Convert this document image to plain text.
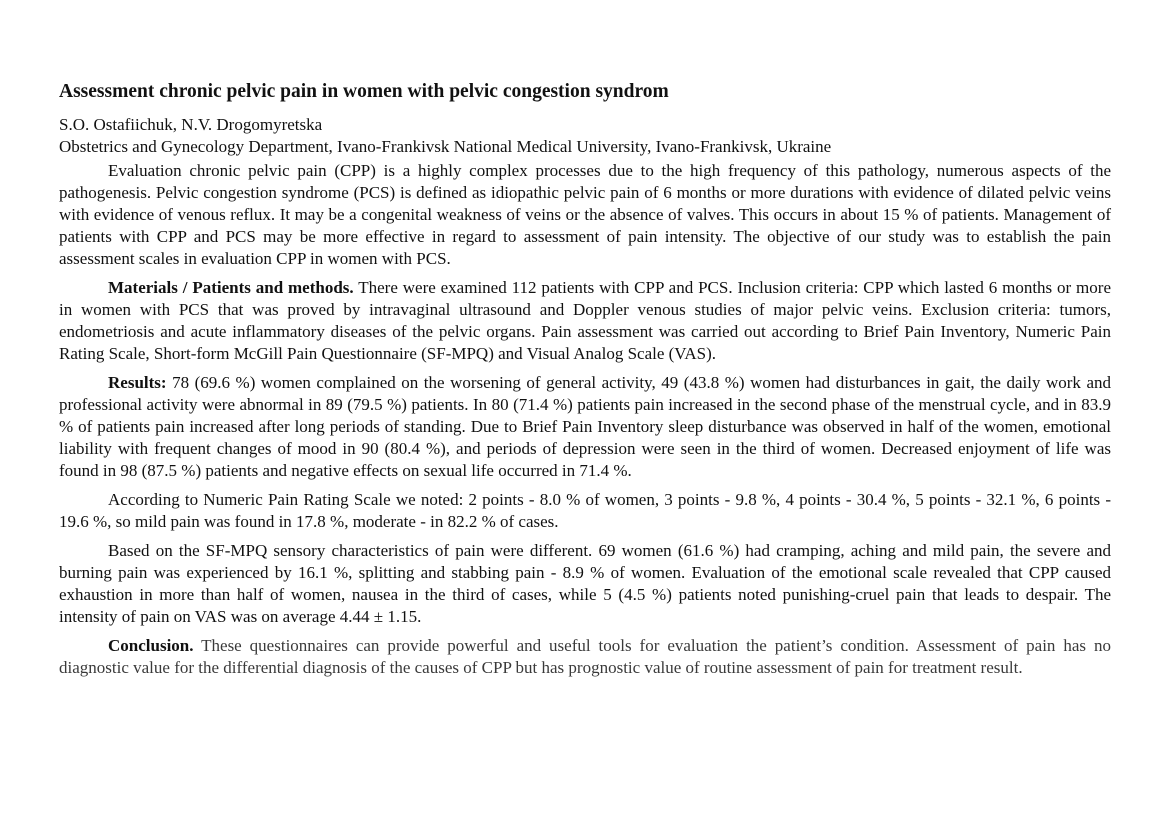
Assessment chronic pelvic pain in women with pelvic congestion syndrom

S.O. Ostafiichuk, N.V. Drogomyretska

Obstetrics and Gynecology Department, Ivano-Frankivsk National Medical University, Ivano-Frankivsk, Ukraine

Evaluation chronic pelvic pain (CPP) is a highly complex processes due to the high frequency of this pathology, numerous aspects of the pathogenesis. Pelvic congestion syndrome (PCS) is defined as idiopathic pelvic pain of 6 months or more durations with evidence of dilated pelvic veins with evidence of venous reflux. It may be a congenital weakness of veins or the absence of valves. This occurs in about 15 % of patients. Management of patients with CPP and PCS may be more effective in regard to assessment of pain intensity. The objective of our study was to establish the pain assessment scales in evaluation CPP in women with PCS.

Materials / Patients and methods. There were examined 112 patients with CPP and PCS. Inclusion criteria: CPP which lasted 6 months or more in women with PCS that was proved by intravaginal ultrasound and Doppler venous studies of major pelvic veins. Exclusion criteria: tumors, endometriosis and acute inflammatory diseases of the pelvic organs. Pain assessment was carried out according to Brief Pain Inventory, Numeric Pain Rating Scale, Short-form McGill Pain Questionnaire (SF-MPQ) and Visual Analog Scale (VAS).

Results: 78 (69.6 %) women complained on the worsening of general activity, 49 (43.8 %) women had disturbances in gait, the daily work and professional activity were abnormal in 89 (79.5 %) patients. In 80 (71.4 %) patients pain increased in the second phase of the menstrual cycle, and in 83.9 % of patients pain increased after long periods of standing. Due to Brief Pain Inventory sleep disturbance was observed in half of the women, emotional liability with frequent changes of mood in 90 (80.4 %), and periods of depression were seen in the third of women. Decreased enjoyment of life was found in 98 (87.5 %) patients and negative effects on sexual life occurred in 71.4 %.

According to Numeric Pain Rating Scale we noted: 2 points - 8.0 % of women, 3 points - 9.8 %, 4 points - 30.4 %, 5 points - 32.1 %, 6 points - 19.6 %, so mild pain was found in 17.8 %, moderate - in 82.2 % of cases.

Based on the SF-MPQ sensory characteristics of pain were different. 69 women (61.6 %) had cramping, aching and mild pain, the severe and burning pain was experienced by 16.1 %, splitting and stabbing pain - 8.9 % of women. Evaluation of the emotional scale revealed that CPP caused exhaustion in more than half of women, nausea in the third of cases, while 5 (4.5 %) patients noted punishing-cruel pain that leads to despair. The intensity of pain on VAS was on average 4.44 ± 1.15.

Conclusion. These questionnaires can provide powerful and useful tools for evaluation the patient’s condition. Assessment of pain has no diagnostic value for the differential diagnosis of the causes of CPP but has prognostic value of routine assessment of pain for treatment result.
